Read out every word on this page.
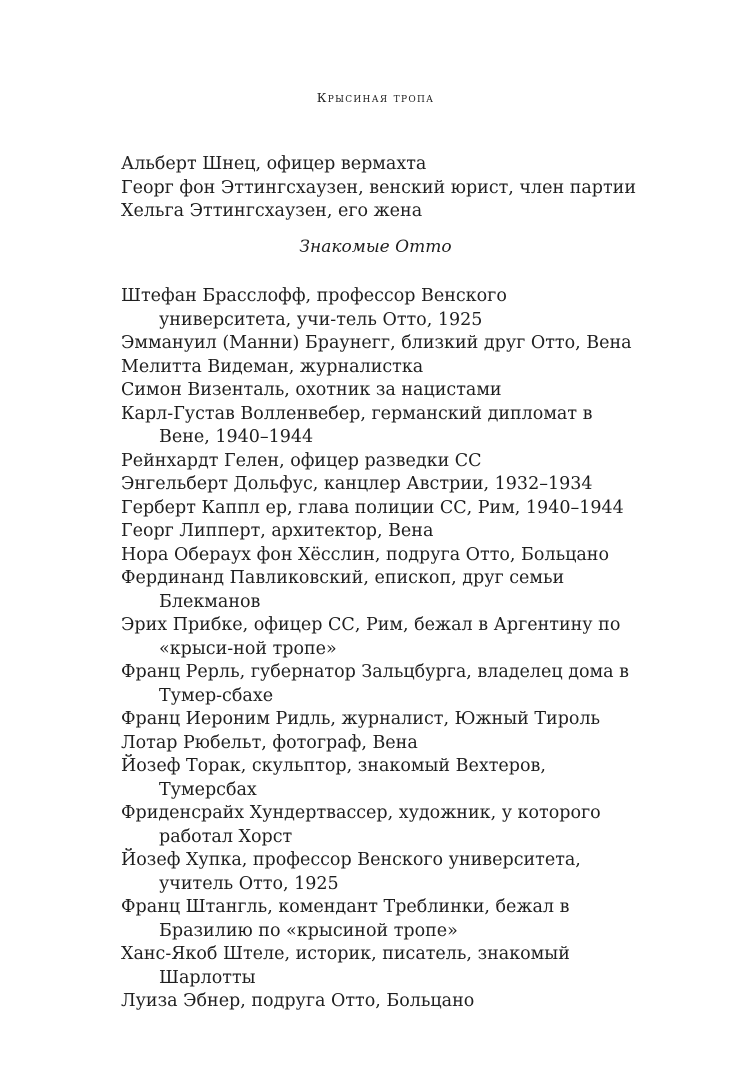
Крысиная тропа

Альберт Шнец, офицер вермахта

Георг фон Эттингсхаузен, венский юрист, член партии

Хельга Эттингсхаузен, его жена

Знакомые Отто

Штефан Брасслофф, профессор Венского университета, учи-тель Отто, 1925

Эммануил (Манни) Браунегг, близкий друг Отто, Вена

Мелитта Видеман, журналистка

Симон Визенталь, охотник за нацистами

Карл-Густав Волленвебер, германский дипломат в Вене, 1940–1944

Рейнхардт Гелен, офицер разведки СС

Энгельберт Дольфус, канцлер Австрии, 1932–1934

Герберт Каппл ер, глава полиции СС, Рим, 1940–1944

Георг Липперт, архитектор, Вена

Нора Обераух фон Хёсслин, подруга Отто, Больцано

Фердинанд Павликовский, епископ, друг семьи Блекманов

Эрих Прибке, офицер СС, Рим, бежал в Аргентину по «крыси-ной тропе»

Франц Рерль, губернатор Зальцбурга, владелец дома в Тумер-сбахе

Франц Иероним Ридль, журналист, Южный Тироль

Лотар Рюбельт, фотограф, Вена

Йозеф Торак, скульптор, знакомый Вехтеров, Тумерсбах

Фриденсрайх Хундертвассер, художник, у которого работал Хорст

Йозеф Хупка, профессор Венского университета, учитель Отто, 1925

Франц Штангль, комендант Треблинки, бежал в Бразилию по «крысиной тропе»

Ханс-Якоб Штеле, историк, писатель, знакомый Шарлотты

Луиза Эбнер, подруга Отто, Больцано
